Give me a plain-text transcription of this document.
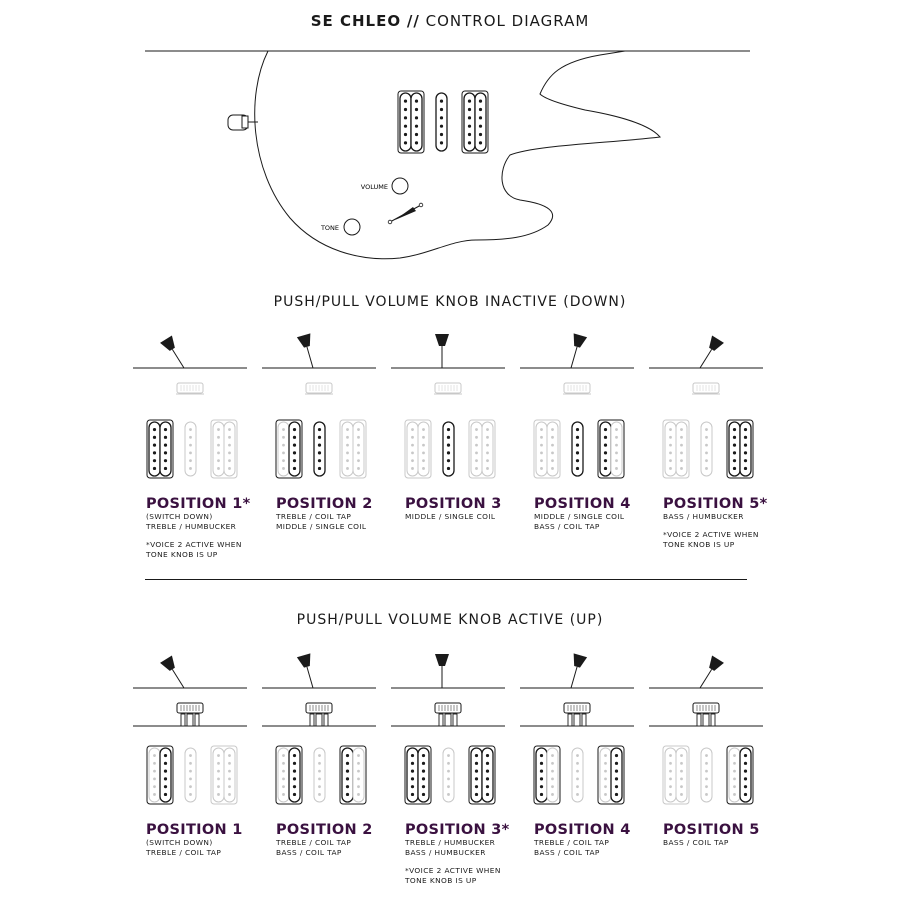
SE CHLEO // CONTROL DIAGRAM
VOLUME
TONE
PUSH/PULL VOLUME KNOB INACTIVE (DOWN)
POSITION 1*
(SWITCH DOWN)
TREBLE / HUMBUCKER
*VOICE 2 ACTIVE WHEN
TONE KNOB IS UP
POSITION 2
TREBLE / COIL TAP
MIDDLE / SINGLE COIL
POSITION 3
MIDDLE / SINGLE COIL
POSITION 4
MIDDLE / SINGLE COIL
BASS / COIL TAP
POSITION 5*
BASS / HUMBUCKER
*VOICE 2 ACTIVE WHEN
TONE KNOB IS UP
PUSH/PULL VOLUME KNOB ACTIVE (UP)
POSITION 1
(SWITCH DOWN)
TREBLE / COIL TAP
POSITION 2
TREBLE / COIL TAP
BASS / COIL TAP
POSITION 3*
TREBLE / HUMBUCKER
BASS / HUMBUCKER
*VOICE 2 ACTIVE WHEN
TONE KNOB IS UP
POSITION 4
TREBLE / COIL TAP
BASS / COIL TAP
POSITION 5
BASS / COIL TAP
